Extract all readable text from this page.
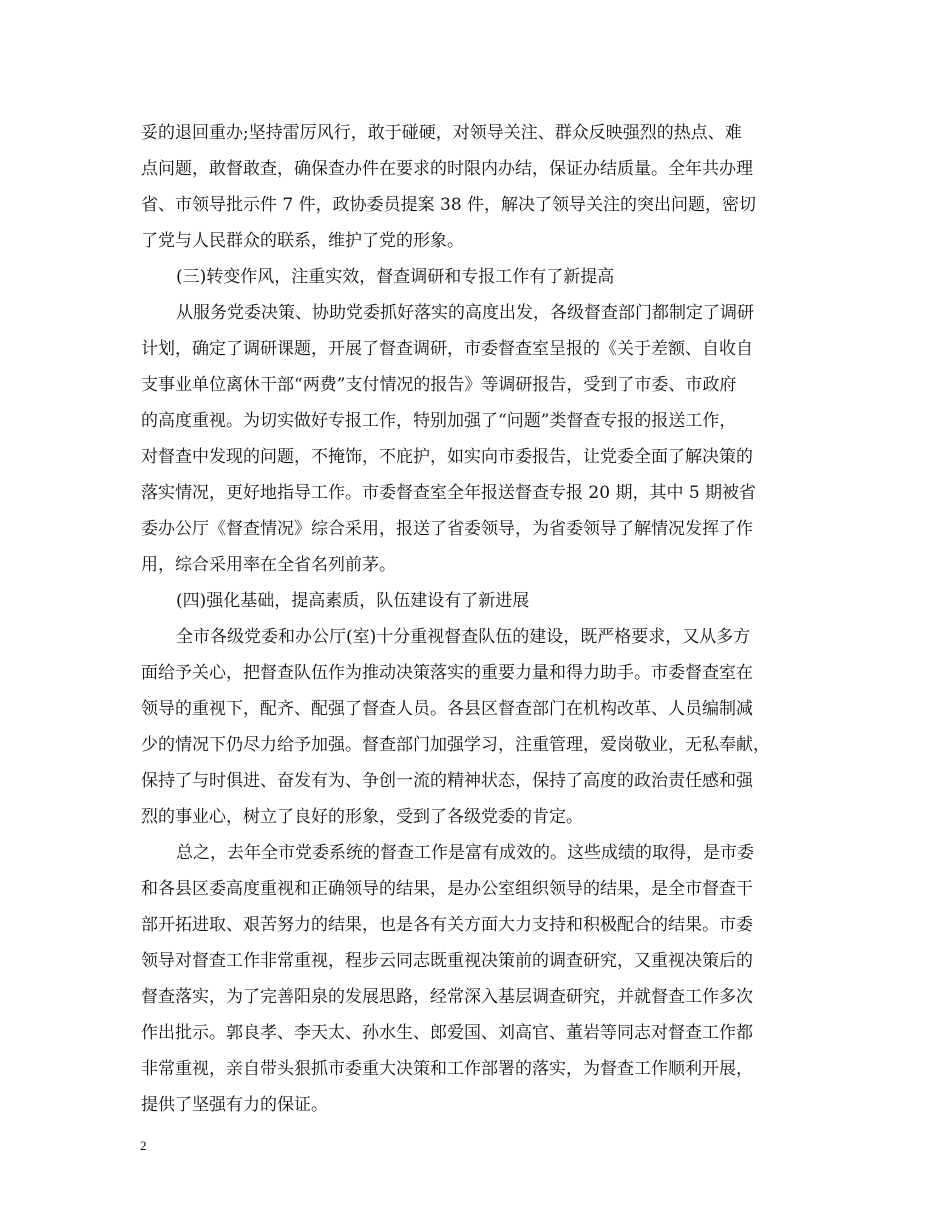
妥的退回重办;坚持雷厉风行，敢于碰硬，对领导关注、群众反映强烈的热点、难
点问题，敢督敢查，确保查办件在要求的时限内办结，保证办结质量。全年共办理
省、市领导批示件 7 件，政协委员提案 38 件，解决了领导关注的突出问题，密切
了党与人民群众的联系，维护了党的形象。
(三)转变作风，注重实效，督查调研和专报工作有了新提高
从服务党委决策、协助党委抓好落实的高度出发，各级督查部门都制定了调研
计划，确定了调研课题，开展了督查调研，市委督查室呈报的《关于差额、自收自
支事业单位离休干部“两费”支付情况的报告》等调研报告，受到了市委、市政府
的高度重视。为切实做好专报工作，特别加强了“问题”类督查专报的报送工作，
对督查中发现的问题，不掩饰，不庇护，如实向市委报告，让党委全面了解决策的
落实情况，更好地指导工作。市委督查室全年报送督查专报 20 期，其中 5 期被省
委办公厅《督查情况》综合采用，报送了省委领导，为省委领导了解情况发挥了作
用，综合采用率在全省名列前茅。
(四)强化基础，提高素质，队伍建设有了新进展
全市各级党委和办公厅(室)十分重视督查队伍的建设，既严格要求，又从多方
面给予关心，把督查队伍作为推动决策落实的重要力量和得力助手。市委督查室在
领导的重视下，配齐、配强了督查人员。各县区督查部门在机构改革、人员编制减
少的情况下仍尽力给予加强。督查部门加强学习，注重管理，爱岗敬业，无私奉献，
保持了与时俱进、奋发有为、争创一流的精神状态，保持了高度的政治责任感和强
烈的事业心，树立了良好的形象，受到了各级党委的肯定。
总之，去年全市党委系统的督查工作是富有成效的。这些成绩的取得，是市委
和各县区委高度重视和正确领导的结果，是办公室组织领导的结果，是全市督查干
部开拓进取、艰苦努力的结果，也是各有关方面大力支持和积极配合的结果。市委
领导对督查工作非常重视，程步云同志既重视决策前的调查研究，又重视决策后的
督查落实，为了完善阳泉的发展思路，经常深入基层调查研究，并就督查工作多次
作出批示。郭良孝、李天太、孙水生、郎爱国、刘高官、董岩等同志对督查工作都
非常重视，亲自带头狠抓市委重大决策和工作部署的落实，为督查工作顺利开展，
提供了坚强有力的保证。
2
